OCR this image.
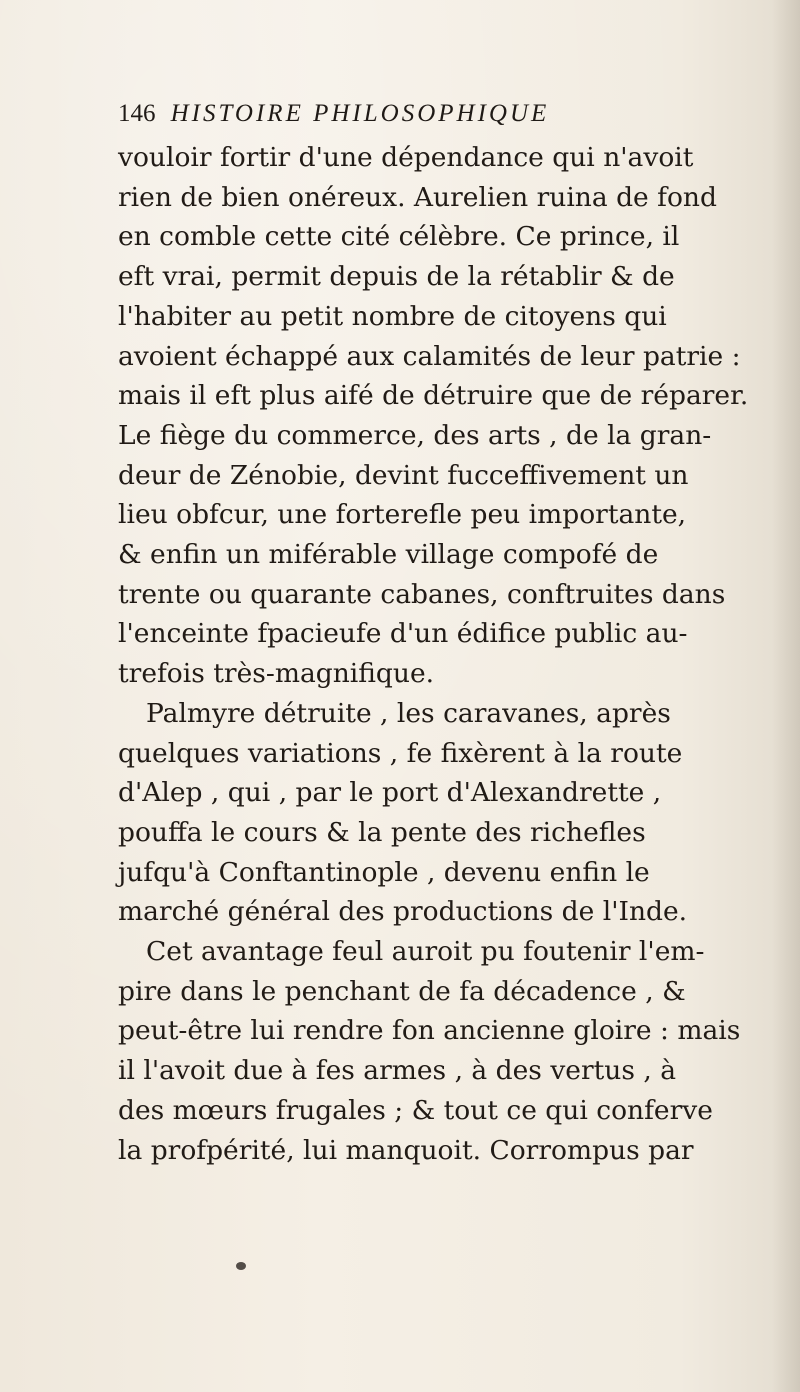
146 HISTOIRE PHILOSOPHIQUE
vouloir fortir d'une dépendance qui n'avoit
rien de bien onéreux. Aurelien ruina de fond
en comble cette cité célèbre. Ce prince, il
eft vrai, permit depuis de la rétablir & de
l'habiter au petit nombre de citoyens qui
avoient échappé aux calamités de leur patrie :
mais il eft plus aifé de détruire que de réparer.
Le fiège du commerce, des arts , de la gran-
deur de Zénobie, devint fucceffivement un
lieu obfcur, une forterefle peu importante,
& enfin un miférable village compofé de
trente ou quarante cabanes, conftruites dans
l'enceinte fpacieufe d'un édifice public au-
trefois très-magnifique.
Palmyre détruite , les caravanes, après
quelques variations , fe fixèrent à la route
d'Alep , qui , par le port d'Alexandrette ,
pouffa le cours & la pente des richefles
jufqu'à Conftantinople , devenu enfin le
marché général des productions de l'Inde.
Cet avantage feul auroit pu foutenir l'em-
pire dans le penchant de fa décadence , &
peut-être lui rendre fon ancienne gloire : mais
il l'avoit due à fes armes , à des vertus , à
des mœurs frugales ; & tout ce qui conferve
la profpérité, lui manquoit. Corrompus par
